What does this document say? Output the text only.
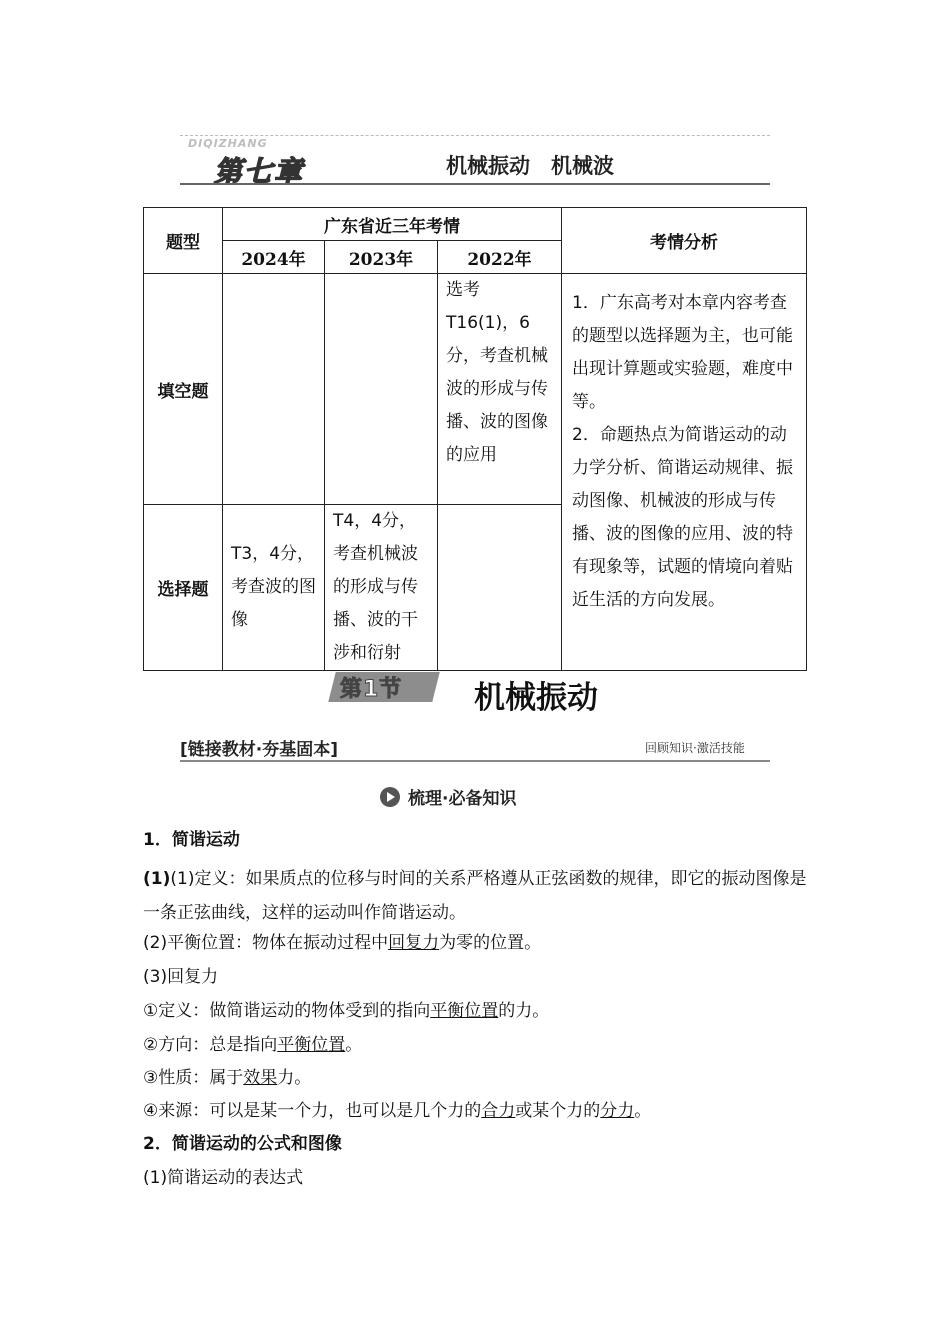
DIQIZHANG
第七章	机械振动　机械波
题型	广东省近三年考情			考情分析
	2024年	2023年	2022年	
填空题			选考T16(1)，6分，考查机械波的形成与传播、波的图像的应用	1．广东高考对本章内容考查的题型以选择题为主，也可能出现计算题或实验题，难度中等。
2．命题热点为简谐运动的动力学分析、简谐运动规律、振动图像、机械波的形成与传播、波的图像的应用、波的特有现象等，试题的情境向着贴近生活的方向发展。

选择题	T3，4分，考查波的图像	T4，4分，考查机械波的形成与传播、波的干涉和衍射		
第1节 机械振动
[链接教材·夯基固本]	回顾知识·激活技能
梳理·必备知识
1．简谐运动
(1)(1)定义：如果质点的位移与时间的关系严格遵从正弦函数的规律，即它的振动图像是一条正弦曲线，这样的运动叫作简谐运动。
(2)平衡位置：物体在振动过程中回复力为零的位置。
(3)回复力
①定义：做简谐运动的物体受到的指向平衡位置的力。
②方向：总是指向平衡位置。
③性质：属于效果力。
④来源：可以是某一个力，也可以是几个力的合力或某个力的分力。
2．简谐运动的公式和图像
(1)简谐运动的表达式
